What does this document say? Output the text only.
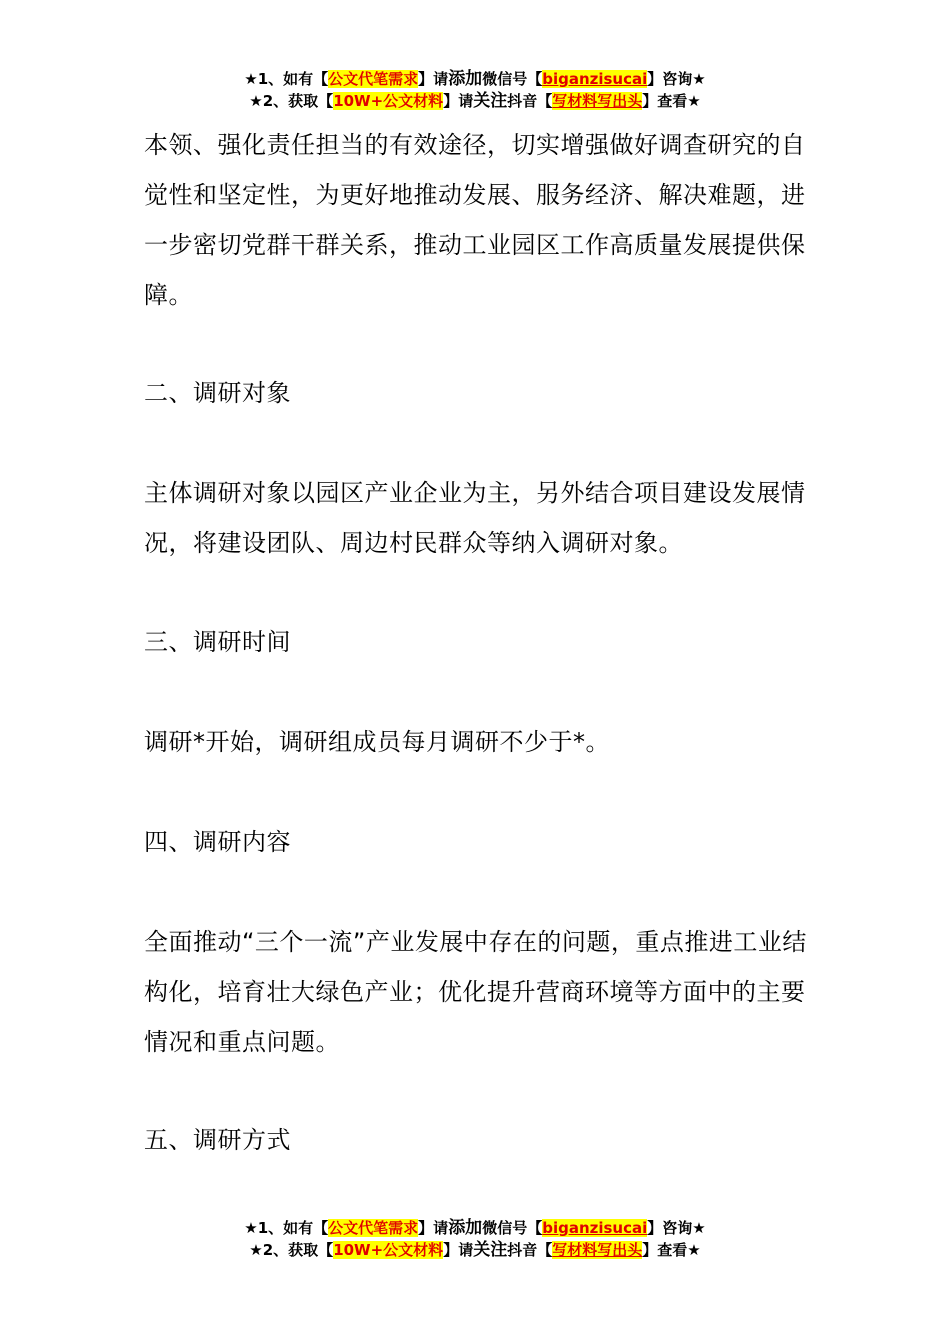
★1、如有【公文代笔需求】请添加微信号【biganzisucai】咨询★
★2、获取【10W+公文材料】请关注抖音【写材料写出头】查看★
本领、强化责任担当的有效途径，切实增强做好调查研究的自觉性和坚定性，为更好地推动发展、服务经济、解决难题，进一步密切党群干群关系，推动工业园区工作高质量发展提供保障。
二、调研对象
主体调研对象以园区产业企业为主，另外结合项目建设发展情况，将建设团队、周边村民群众等纳入调研对象。
三、调研时间
调研*开始，调研组成员每月调研不少于*。
四、调研内容
全面推动“三个一流”产业发展中存在的问题，重点推进工业结构化，培育壮大绿色产业；优化提升营商环境等方面中的主要情况和重点问题。
五、调研方式
★1、如有【公文代笔需求】请添加微信号【biganzisucai】咨询★
★2、获取【10W+公文材料】请关注抖音【写材料写出头】查看★
